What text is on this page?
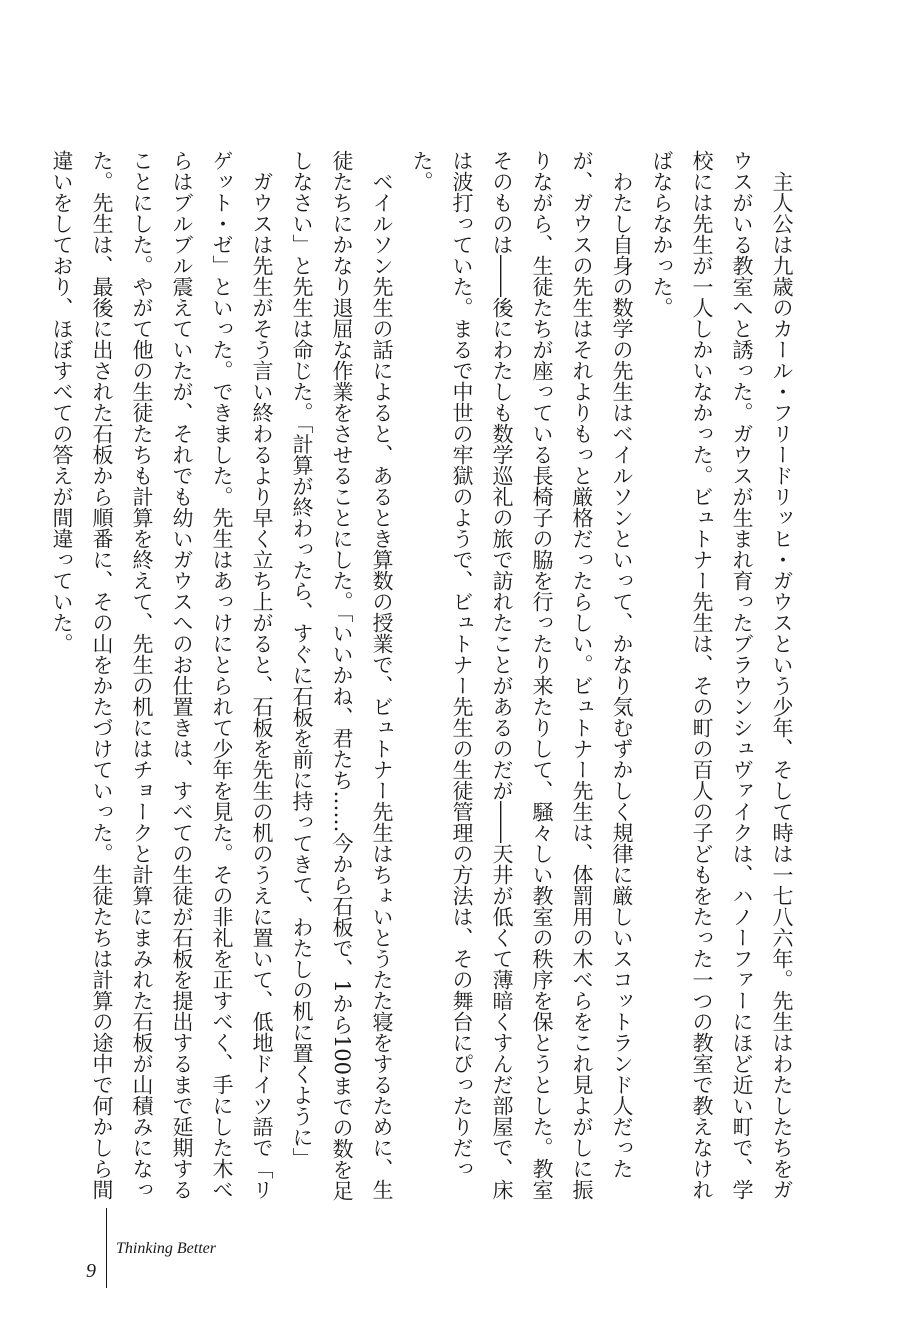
主人公は九歳のカール・フリードリッヒ・ガウスという少年、そして時は一七八六年。先生はわたしたちをガウスがいる教室へと誘った。ガウスが生まれ育ったブラウンシュヴァイクは、ハノーファーにほど近い町で、学校には先生が一人しかいなかった。ビュトナー先生は、その町の百人の子どもをたった一つの教室で教えなければならなかった。

わたし自身の数学の先生はベイルソンといって、かなり気むずかしく規律に厳しいスコットランド人だったが、ガウスの先生はそれよりもっと厳格だったらしい。ビュトナー先生は、体罰用の木べらをこれ見よがしに振りながら、生徒たちが座っている長椅子の脇を行ったり来たりして、騒々しい教室の秩序を保とうとした。教室そのものは――後にわたしも数学巡礼の旅で訪れたことがあるのだが――天井が低くて薄暗くすんだ部屋で、床は波打っていた。まるで中世の牢獄のようで、ビュトナー先生の生徒管理の方法は、その舞台にぴったりだった。

ベイルソン先生の話によると、あるとき算数の授業で、ビュトナー先生はちょいとうたた寝をするために、生徒たちにかなり退屈な作業をさせることにした。「いいかね、君たち……今から石板で、1から100までの数を足しなさい」と先生は命じた。「計算が終わったら、すぐに石板を前に持ってきて、わたしの机に置くように」

ガウスは先生がそう言い終わるより早く立ち上がると、石板を先生の机のうえに置いて、低地ドイツ語で「リゲット・ゼ」といった。できました。先生はあっけにとられて少年を見た。その非礼を正すべく、手にした木べらはブルブル震えていたが、それでも幼いガウスへのお仕置きは、すべての生徒が石板を提出するまで延期することにした。やがて他の生徒たちも計算を終えて、先生の机にはチョークと計算にまみれた石板が山積みになった。先生は、最後に出された石板から順番に、その山をかたづけていった。生徒たちは計算の途中で何かしら間違いをしており、ほぼすべての答えが間違っていた。

9
Thinking Better
